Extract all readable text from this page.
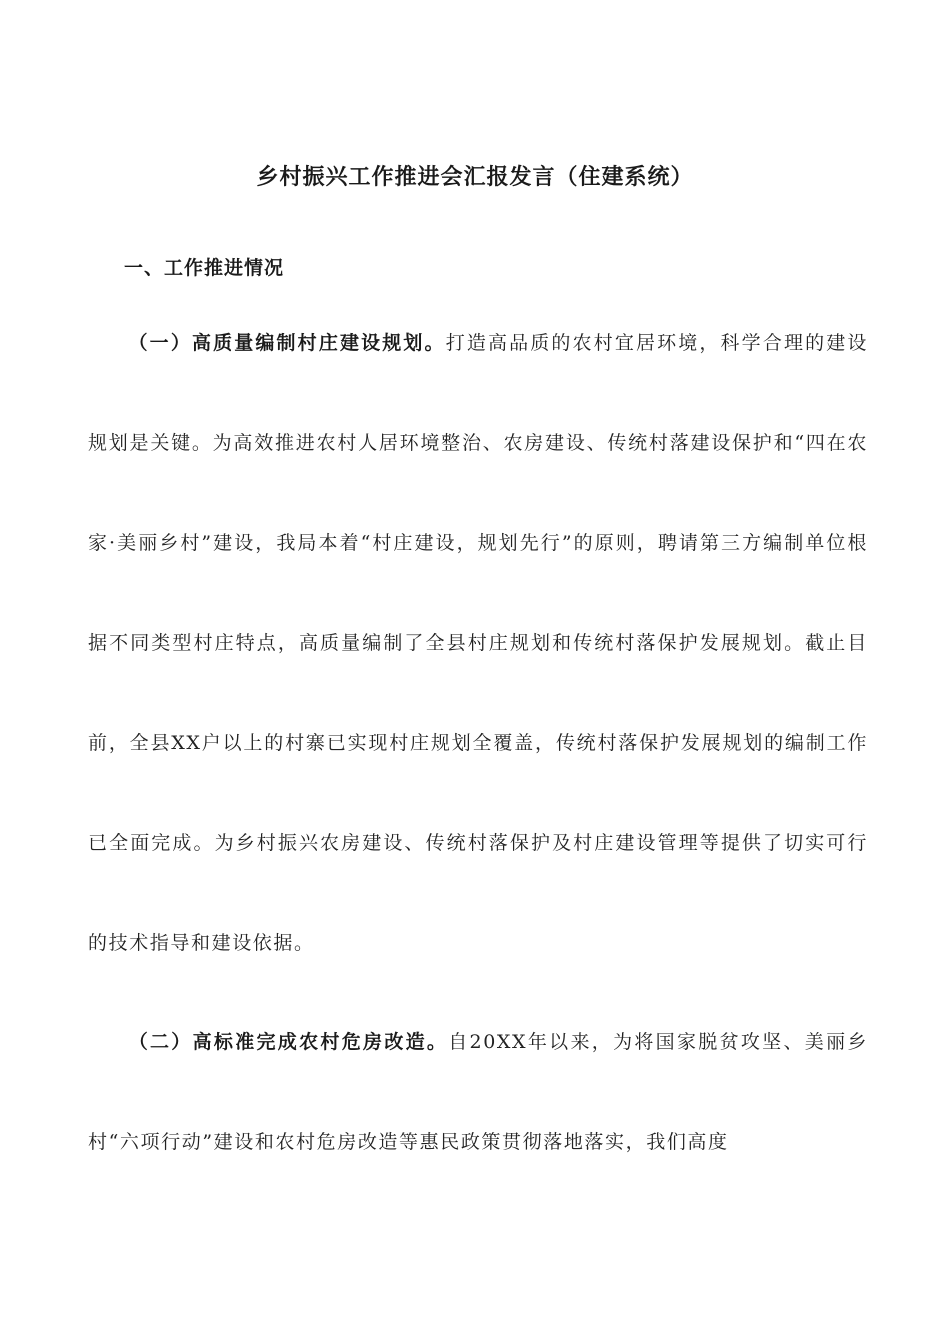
乡村振兴工作推进会汇报发言（住建系统）
一、工作推进情况
（一）高质量编制村庄建设规划。打造高品质的农村宜居环境，科学合理的建设规划是关键。为高效推进农村人居环境整治、农房建设、传统村落建设保护和“四在农家·美丽乡村”建设，我局本着“村庄建设，规划先行”的原则，聘请第三方编制单位根据不同类型村庄特点，高质量编制了全县村庄规划和传统村落保护发展规划。截止目前，全县XX户以上的村寨已实现村庄规划全覆盖，传统村落保护发展规划的编制工作已全面完成。为乡村振兴农房建设、传统村落保护及村庄建设管理等提供了切实可行的技术指导和建设依据。
（二）高标准完成农村危房改造。自20XX年以来，为将国家脱贫攻坚、美丽乡村“六项行动”建设和农村危房改造等惠民政策贯彻落地落实，我们高度
